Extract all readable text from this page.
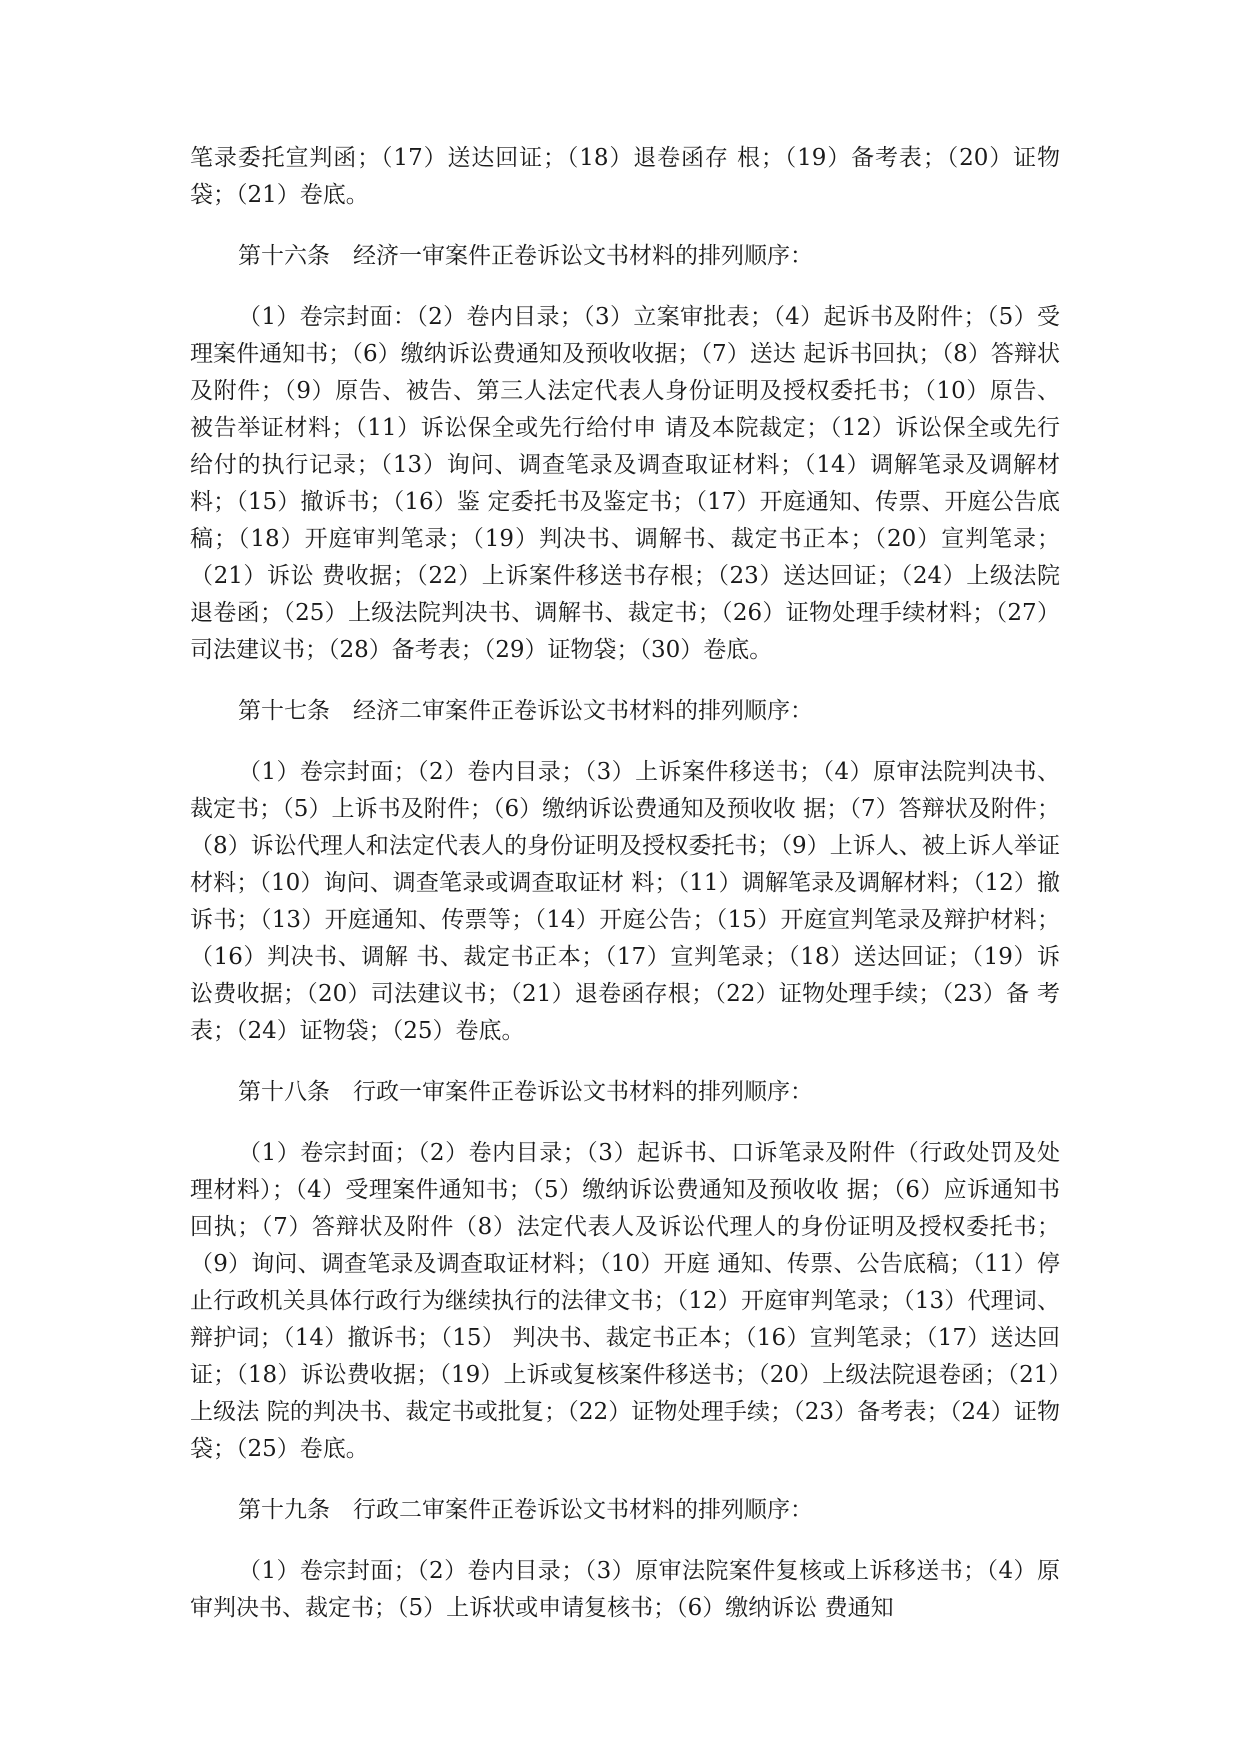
笔录委托宣判函；（17）送达回证；（18）退卷函存 根；（19）备考表；（20）证物袋；（21）卷底。

第十六条　经济一审案件正卷诉讼文书材料的排列顺序：

（1）卷宗封面：（2）卷内目录；（3）立案审批表；（4）起诉书及附件；（5）受理案件通知书；（6）缴纳诉讼费通知及预收收据；（7）送达 起诉书回执；（8）答辩状及附件；（9）原告、被告、第三人法定代表人身份证明及授权委托书；（10）原告、被告举证材料；（11）诉讼保全或先行给付申 请及本院裁定；（12）诉讼保全或先行给付的执行记录；（13）询问、调查笔录及调查取证材料；（14）调解笔录及调解材料；（15）撤诉书；（16）鉴 定委托书及鉴定书；（17）开庭通知、传票、开庭公告底稿；（18）开庭审判笔录；（19）判决书、调解书、裁定书正本；（20）宣判笔录；（21）诉讼 费收据；（22）上诉案件移送书存根；（23）送达回证；（24）上级法院退卷函；（25）上级法院判决书、调解书、裁定书；（26）证物处理手续材料；（27）司法建议书；（28）备考表；（29）证物袋；（30）卷底。

第十七条　经济二审案件正卷诉讼文书材料的排列顺序：

（1）卷宗封面；（2）卷内目录；（3）上诉案件移送书；（4）原审法院判决书、裁定书；（5）上诉书及附件；（6）缴纳诉讼费通知及预收收 据；（7）答辩状及附件；（8）诉讼代理人和法定代表人的身份证明及授权委托书；（9）上诉人、被上诉人举证材料；（10）询问、调查笔录或调查取证材 料；（11）调解笔录及调解材料；（12）撤诉书；（13）开庭通知、传票等；（14）开庭公告；（15）开庭宣判笔录及辩护材料；（16）判决书、调解 书、裁定书正本；（17）宣判笔录；（18）送达回证；（19）诉讼费收据；（20）司法建议书；（21）退卷函存根；（22）证物处理手续；（23）备 考表；（24）证物袋；（25）卷底。

第十八条　行政一审案件正卷诉讼文书材料的排列顺序：

（1）卷宗封面；（2）卷内目录；（3）起诉书、口诉笔录及附件（行政处罚及处理材料）；（4）受理案件通知书；（5）缴纳诉讼费通知及预收收 据；（6）应诉通知书回执；（7）答辩状及附件（8）法定代表人及诉讼代理人的身份证明及授权委托书；（9）询问、调查笔录及调查取证材料；（10）开庭 通知、传票、公告底稿；（11）停止行政机关具体行政行为继续执行的法律文书；（12）开庭审判笔录；（13）代理词、辩护词；（14）撤诉书；（15） 判决书、裁定书正本；（16）宣判笔录；（17）送达回证；（18）诉讼费收据；（19）上诉或复核案件移送书；（20）上级法院退卷函；（21）上级法 院的判决书、裁定书或批复；（22）证物处理手续；（23）备考表；（24）证物袋；（25）卷底。

第十九条　行政二审案件正卷诉讼文书材料的排列顺序：

（1）卷宗封面；（2）卷内目录；（3）原审法院案件复核或上诉移送书；（4）原审判决书、裁定书；（5）上诉状或申请复核书；（6）缴纳诉讼 费通知
